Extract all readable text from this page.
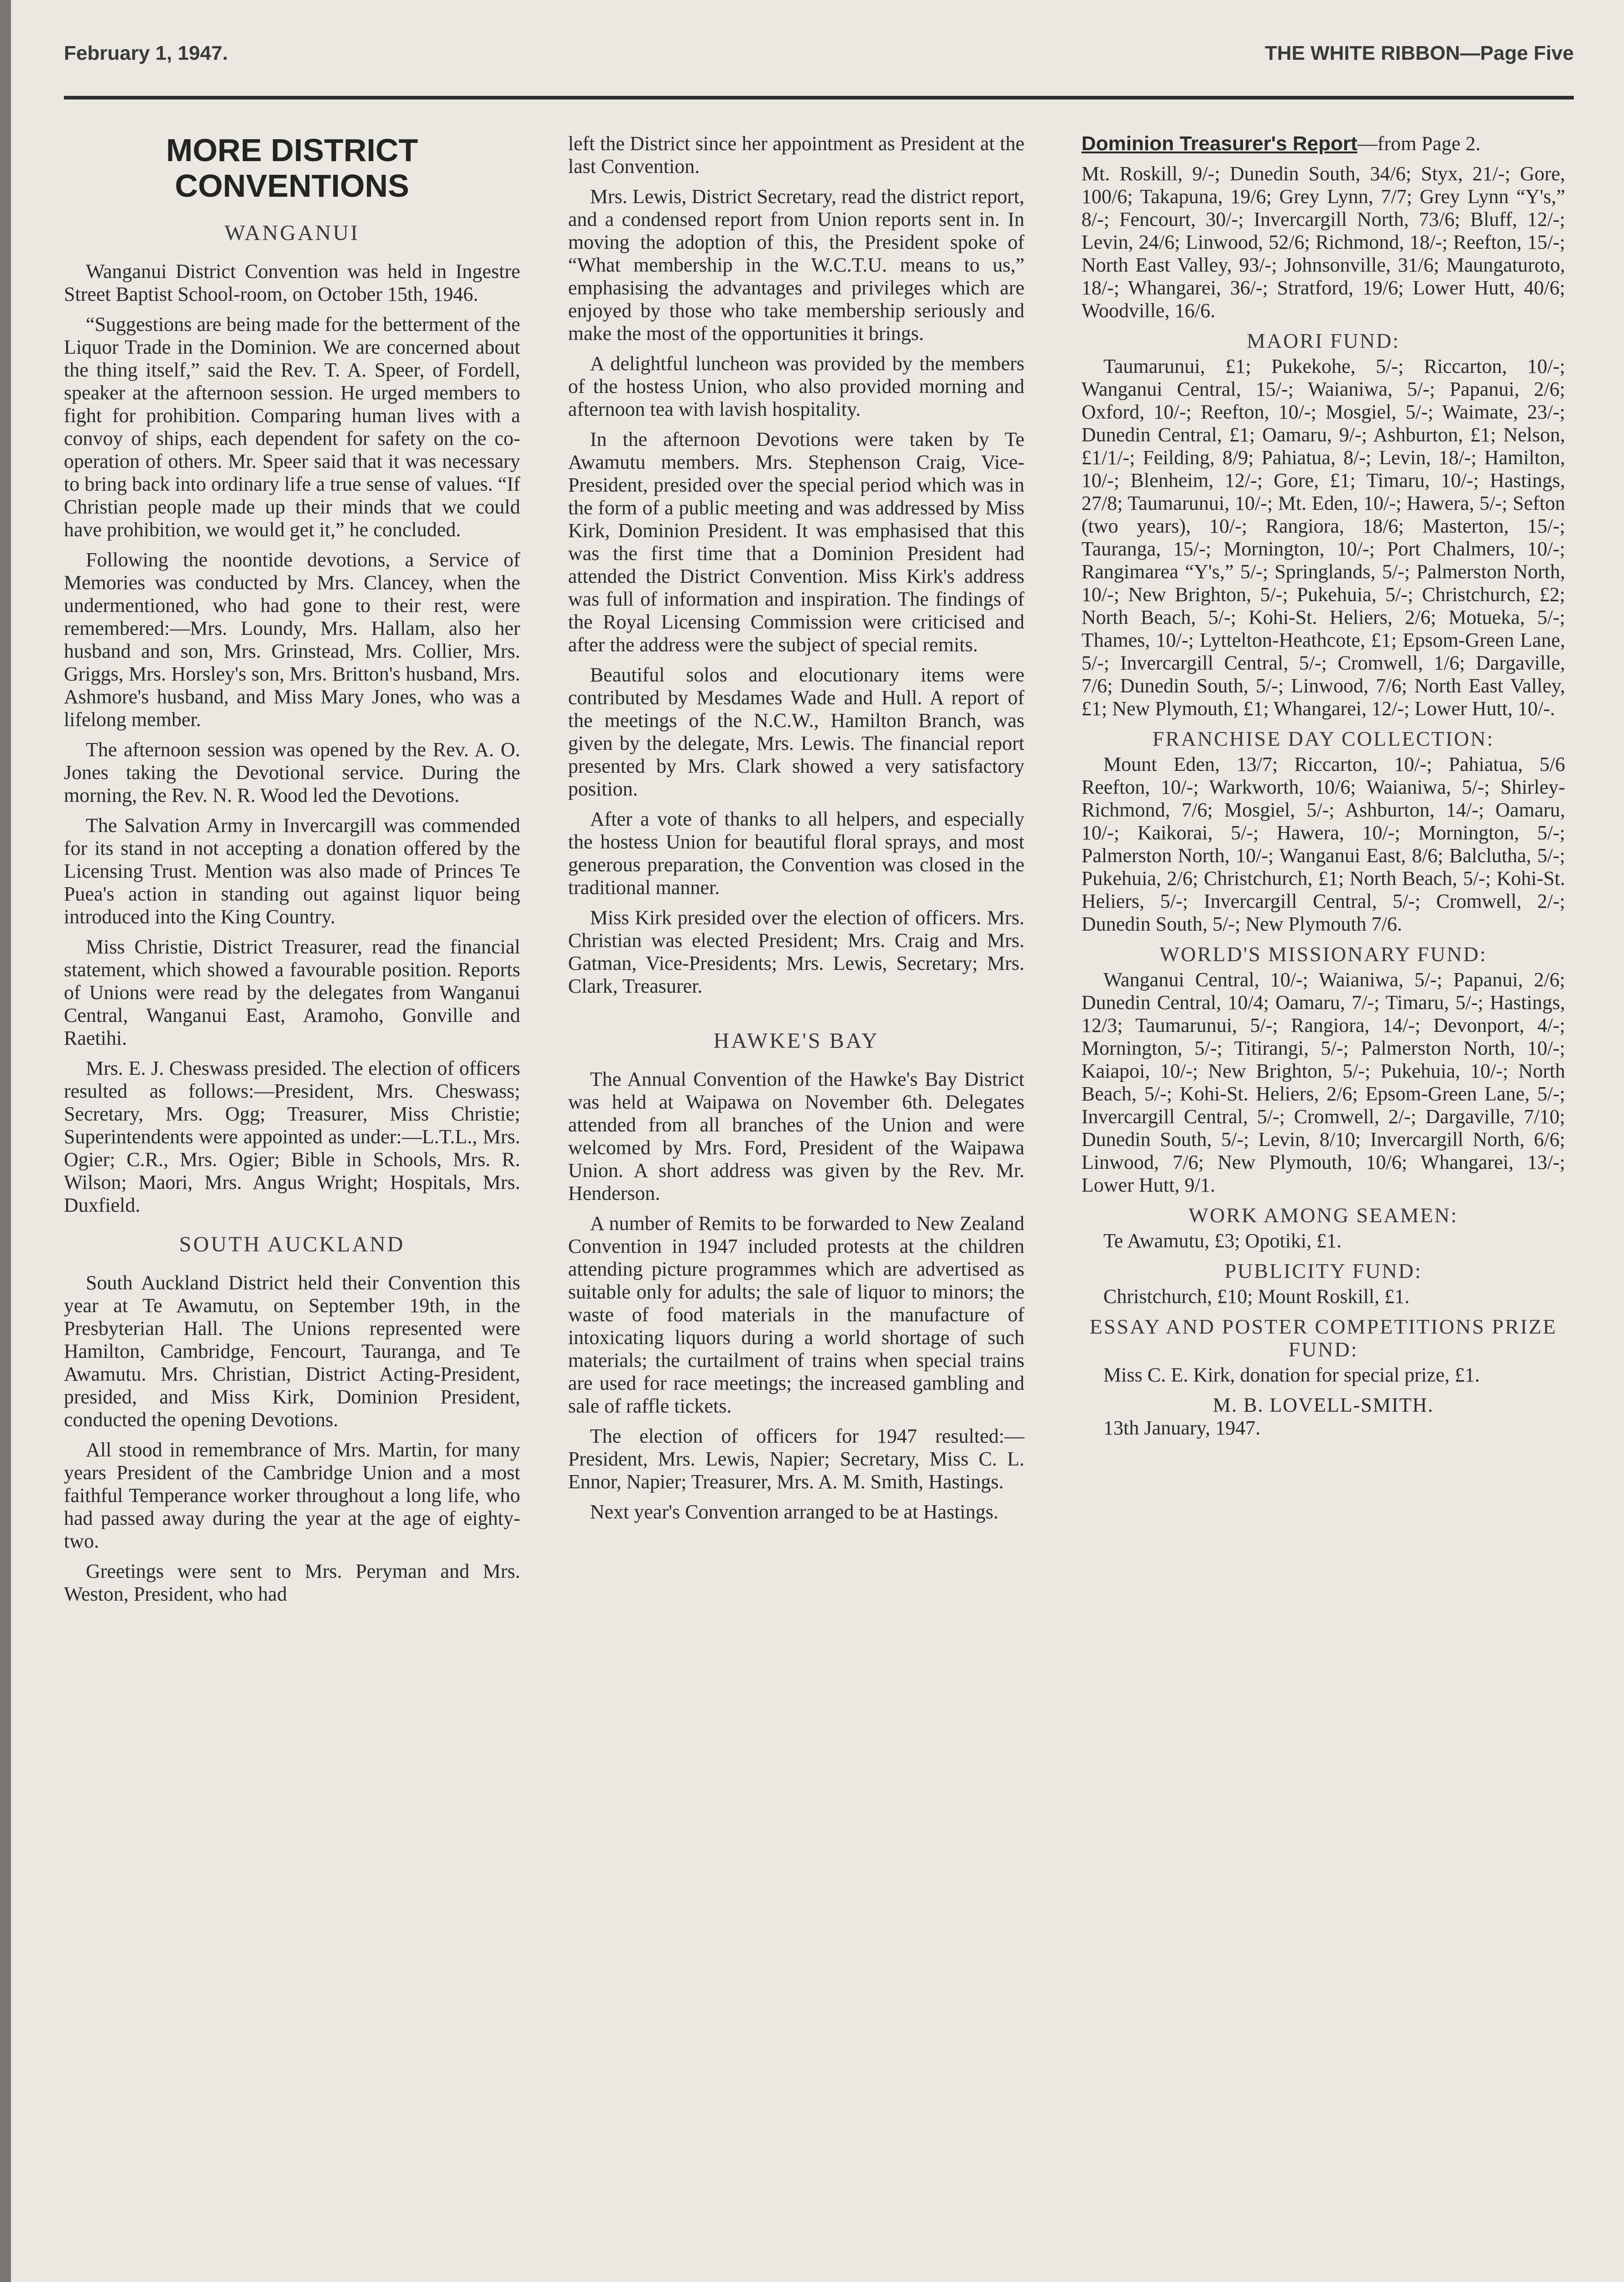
February 1, 1947.	THE WHITE RIBBON—Page Five
MORE DISTRICT CONVENTIONS
WANGANUI

Wanganui District Convention was held in Ingestre Street Baptist School-room, on October 15th, 1946.

“Suggestions are being made for the betterment of the Liquor Trade in the Dominion. We are concerned about the thing itself,” said the Rev. T. A. Speer, of Fordell, speaker at the afternoon session. He urged members to fight for prohibition. Comparing human lives with a convoy of ships, each dependent for safety on the co-operation of others. Mr. Speer said that it was necessary to bring back into ordinary life a true sense of values. “If Christian people made up their minds that we could have prohibition, we would get it,” he concluded.

Following the noontide devotions, a Service of Memories was conducted by Mrs. Clancey, when the undermentioned, who had gone to their rest, were remembered:—Mrs. Loundy, Mrs. Hallam, also her husband and son, Mrs. Grinstead, Mrs. Collier, Mrs. Griggs, Mrs. Horsley's son, Mrs. Britton's husband, Mrs. Ashmore's husband, and Miss Mary Jones, who was a lifelong member.

The afternoon session was opened by the Rev. A. O. Jones taking the Devotional service. During the morning, the Rev. N. R. Wood led the Devotions.

The Salvation Army in Invercargill was commended for its stand in not accepting a donation offered by the Licensing Trust. Mention was also made of Princes Te Puea's action in standing out against liquor being introduced into the King Country.

Miss Christie, District Treasurer, read the financial statement, which showed a favourable position. Reports of Unions were read by the delegates from Wanganui Central, Wanganui East, Aramoho, Gonville and Raetihi.

Mrs. E. J. Cheswass presided. The election of officers resulted as follows:—President, Mrs. Cheswass; Secretary, Mrs. Ogg; Treasurer, Miss Christie; Superintendents were appointed as under:—L.T.L., Mrs. Ogier; C.R., Mrs. Ogier; Bible in Schools, Mrs. R. Wilson; Maori, Mrs. Angus Wright; Hospitals, Mrs. Duxfield.

SOUTH AUCKLAND

South Auckland District held their Convention this year at Te Awamutu, on September 19th, in the Presbyterian Hall. The Unions represented were Hamilton, Cambridge, Fencourt, Tauranga, and Te Awamutu. Mrs. Christian, District Acting-President, presided, and Miss Kirk, Dominion President, conducted the opening Devotions.

All stood in remembrance of Mrs. Martin, for many years President of the Cambridge Union and a most faithful Temperance worker throughout a long life, who had passed away during the year at the age of eighty-two.

Greetings were sent to Mrs. Peryman and Mrs. Weston, President, who had

left the District since her appointment as President at the last Convention.

Mrs. Lewis, District Secretary, read the district report, and a condensed report from Union reports sent in. In moving the adoption of this, the President spoke of “What membership in the W.C.T.U. means to us,” emphasising the advantages and privileges which are enjoyed by those who take membership seriously and make the most of the opportunities it brings.

A delightful luncheon was provided by the members of the hostess Union, who also provided morning and afternoon tea with lavish hospitality.

In the afternoon Devotions were taken by Te Awamutu members. Mrs. Stephenson Craig, Vice-President, presided over the special period which was in the form of a public meeting and was addressed by Miss Kirk, Dominion President. It was emphasised that this was the first time that a Dominion President had attended the District Convention. Miss Kirk's address was full of information and inspiration. The findings of the Royal Licensing Commission were criticised and after the address were the subject of special remits.

Beautiful solos and elocutionary items were contributed by Mesdames Wade and Hull. A report of the meetings of the N.C.W., Hamilton Branch, was given by the delegate, Mrs. Lewis. The financial report presented by Mrs. Clark showed a very satisfactory position.

After a vote of thanks to all helpers, and especially the hostess Union for beautiful floral sprays, and most generous preparation, the Convention was closed in the traditional manner.

Miss Kirk presided over the election of officers. Mrs. Christian was elected President; Mrs. Craig and Mrs. Gatman, Vice-Presidents; Mrs. Lewis, Secretary; Mrs. Clark, Treasurer.

HAWKE'S BAY

The Annual Convention of the Hawke's Bay District was held at Waipawa on November 6th. Delegates attended from all branches of the Union and were welcomed by Mrs. Ford, President of the Waipawa Union. A short address was given by the Rev. Mr. Henderson.

A number of Remits to be forwarded to New Zealand Convention in 1947 included protests at the children attending picture programmes which are advertised as suitable only for adults; the sale of liquor to minors; the waste of food materials in the manufacture of intoxicating liquors during a world shortage of such materials; the curtailment of trains when special trains are used for race meetings; the increased gambling and sale of raffle tickets.

The election of officers for 1947 resulted:—President, Mrs. Lewis, Napier; Secretary, Miss C. L. Ennor, Napier; Treasurer, Mrs. A. M. Smith, Hastings.

Next year's Convention arranged to be at Hastings.

Dominion Treasurer's Report—from Page 2.

Mt. Roskill, 9/-; Dunedin South, 34/6; Styx, 21/-; Gore, 100/6; Takapuna, 19/6; Grey Lynn, 7/7; Grey Lynn “Y's,” 8/-; Fencourt, 30/-; Invercargill North, 73/6; Bluff, 12/-; Levin, 24/6; Linwood, 52/6; Richmond, 18/-; Reefton, 15/-; North East Valley, 93/-; Johnsonville, 31/6; Maungaturoto, 18/-; Whangarei, 36/-; Stratford, 19/6; Lower Hutt, 40/6; Woodville, 16/6.

MAORI FUND:

Taumarunui, £1; Pukekohe, 5/-; Riccarton, 10/-; Wanganui Central, 15/-; Waianiwa, 5/-; Papanui, 2/6; Oxford, 10/-; Reefton, 10/-; Mosgiel, 5/-; Waimate, 23/-; Dunedin Central, £1; Oamaru, 9/-; Ashburton, £1; Nelson, £1/1/-; Feilding, 8/9; Pahiatua, 8/-; Levin, 18/-; Hamilton, 10/-; Blenheim, 12/-; Gore, £1; Timaru, 10/-; Hastings, 27/8; Taumarunui, 10/-; Mt. Eden, 10/-; Hawera, 5/-; Sefton (two years), 10/-; Rangiora, 18/6; Masterton, 15/-; Tauranga, 15/-; Mornington, 10/-; Port Chalmers, 10/-; Rangimarea “Y's,” 5/-; Springlands, 5/-; Palmerston North, 10/-; New Brighton, 5/-; Pukehuia, 5/-; Christchurch, £2; North Beach, 5/-; Kohi-St. Heliers, 2/6; Motueka, 5/-; Thames, 10/-; Lyttelton-Heathcote, £1; Epsom-Green Lane, 5/-; Invercargill Central, 5/-; Cromwell, 1/6; Dargaville, 7/6; Dunedin South, 5/-; Linwood, 7/6; North East Valley, £1; New Plymouth, £1; Whangarei, 12/-; Lower Hutt, 10/-.

FRANCHISE DAY COLLECTION:

Mount Eden, 13/7; Riccarton, 10/-; Pahiatua, 5/6 Reefton, 10/-; Warkworth, 10/6; Waianiwa, 5/-; Shirley-Richmond, 7/6; Mosgiel, 5/-; Ashburton, 14/-; Oamaru, 10/-; Kaikorai, 5/-; Hawera, 10/-; Mornington, 5/-; Palmerston North, 10/-; Wanganui East, 8/6; Balclutha, 5/-; Pukehuia, 2/6; Christchurch, £1; North Beach, 5/-; Kohi-St. Heliers, 5/-; Invercargill Central, 5/-; Cromwell, 2/-; Dunedin South, 5/-; New Plymouth 7/6.

WORLD'S MISSIONARY FUND:

Wanganui Central, 10/-; Waianiwa, 5/-; Papanui, 2/6; Dunedin Central, 10/4; Oamaru, 7/-; Timaru, 5/-; Hastings, 12/3; Taumarunui, 5/-; Rangiora, 14/-; Devonport, 4/-; Mornington, 5/-; Titirangi, 5/-; Palmerston North, 10/-; Kaiapoi, 10/-; New Brighton, 5/-; Pukehuia, 10/-; North Beach, 5/-; Kohi-St. Heliers, 2/6; Epsom-Green Lane, 5/-; Invercargill Central, 5/-; Cromwell, 2/-; Dargaville, 7/10; Dunedin South, 5/-; Levin, 8/10; Invercargill North, 6/6; Linwood, 7/6; New Plymouth, 10/6; Whangarei, 13/-; Lower Hutt, 9/1.

WORK AMONG SEAMEN:

Te Awamutu, £3; Opotiki, £1.

PUBLICITY FUND:

Christchurch, £10; Mount Roskill, £1.

ESSAY AND POSTER COMPETITIONS PRIZE FUND:

Miss C. E. Kirk, donation for special prize, £1.

M. B. LOVELL-SMITH.

13th January, 1947.
